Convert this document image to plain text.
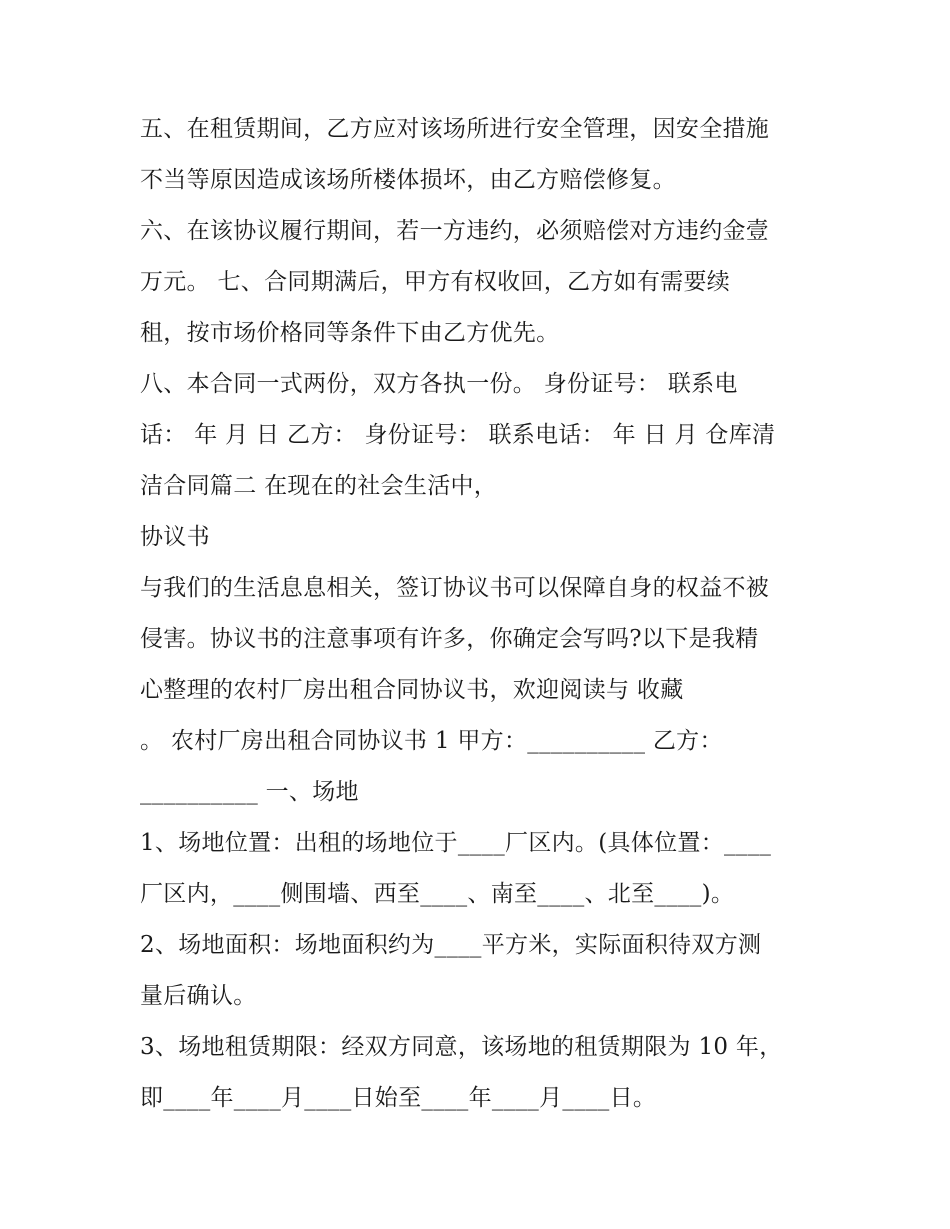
五、在租赁期间，乙方应对该场所进行安全管理，因安全措施
不当等原因造成该场所楼体损坏，由乙方赔偿修复。
六、在该协议履行期间，若一方违约，必须赔偿对方违约金壹
万元。 七、合同期满后，甲方有权收回，乙方如有需要续
租，按市场价格同等条件下由乙方优先。
八、本合同一式两份，双方各执一份。 身份证号： 联系电
话： 年 月 日 乙方： 身份证号： 联系电话： 年 日 月 仓库清
洁合同篇二 在现在的社会生活中，
协议书
与我们的生活息息相关，签订协议书可以保障自身的权益不被
侵害。协议书的注意事项有许多，你确定会写吗?以下是我精
心整理的农村厂房出租合同协议书，欢迎阅读与 收藏
。 农村厂房出租合同协议书 1 甲方：__________ 乙方：
__________ 一、场地
1、场地位置：出租的场地位于____厂区内。(具体位置：____
厂区内，____侧围墙、西至____、南至____、北至____)。
2、场地面积：场地面积约为____平方米，实际面积待双方测
量后确认。
3、场地租赁期限：经双方同意，该场地的租赁期限为 10 年，
即____年____月____日始至____年____月____日。
